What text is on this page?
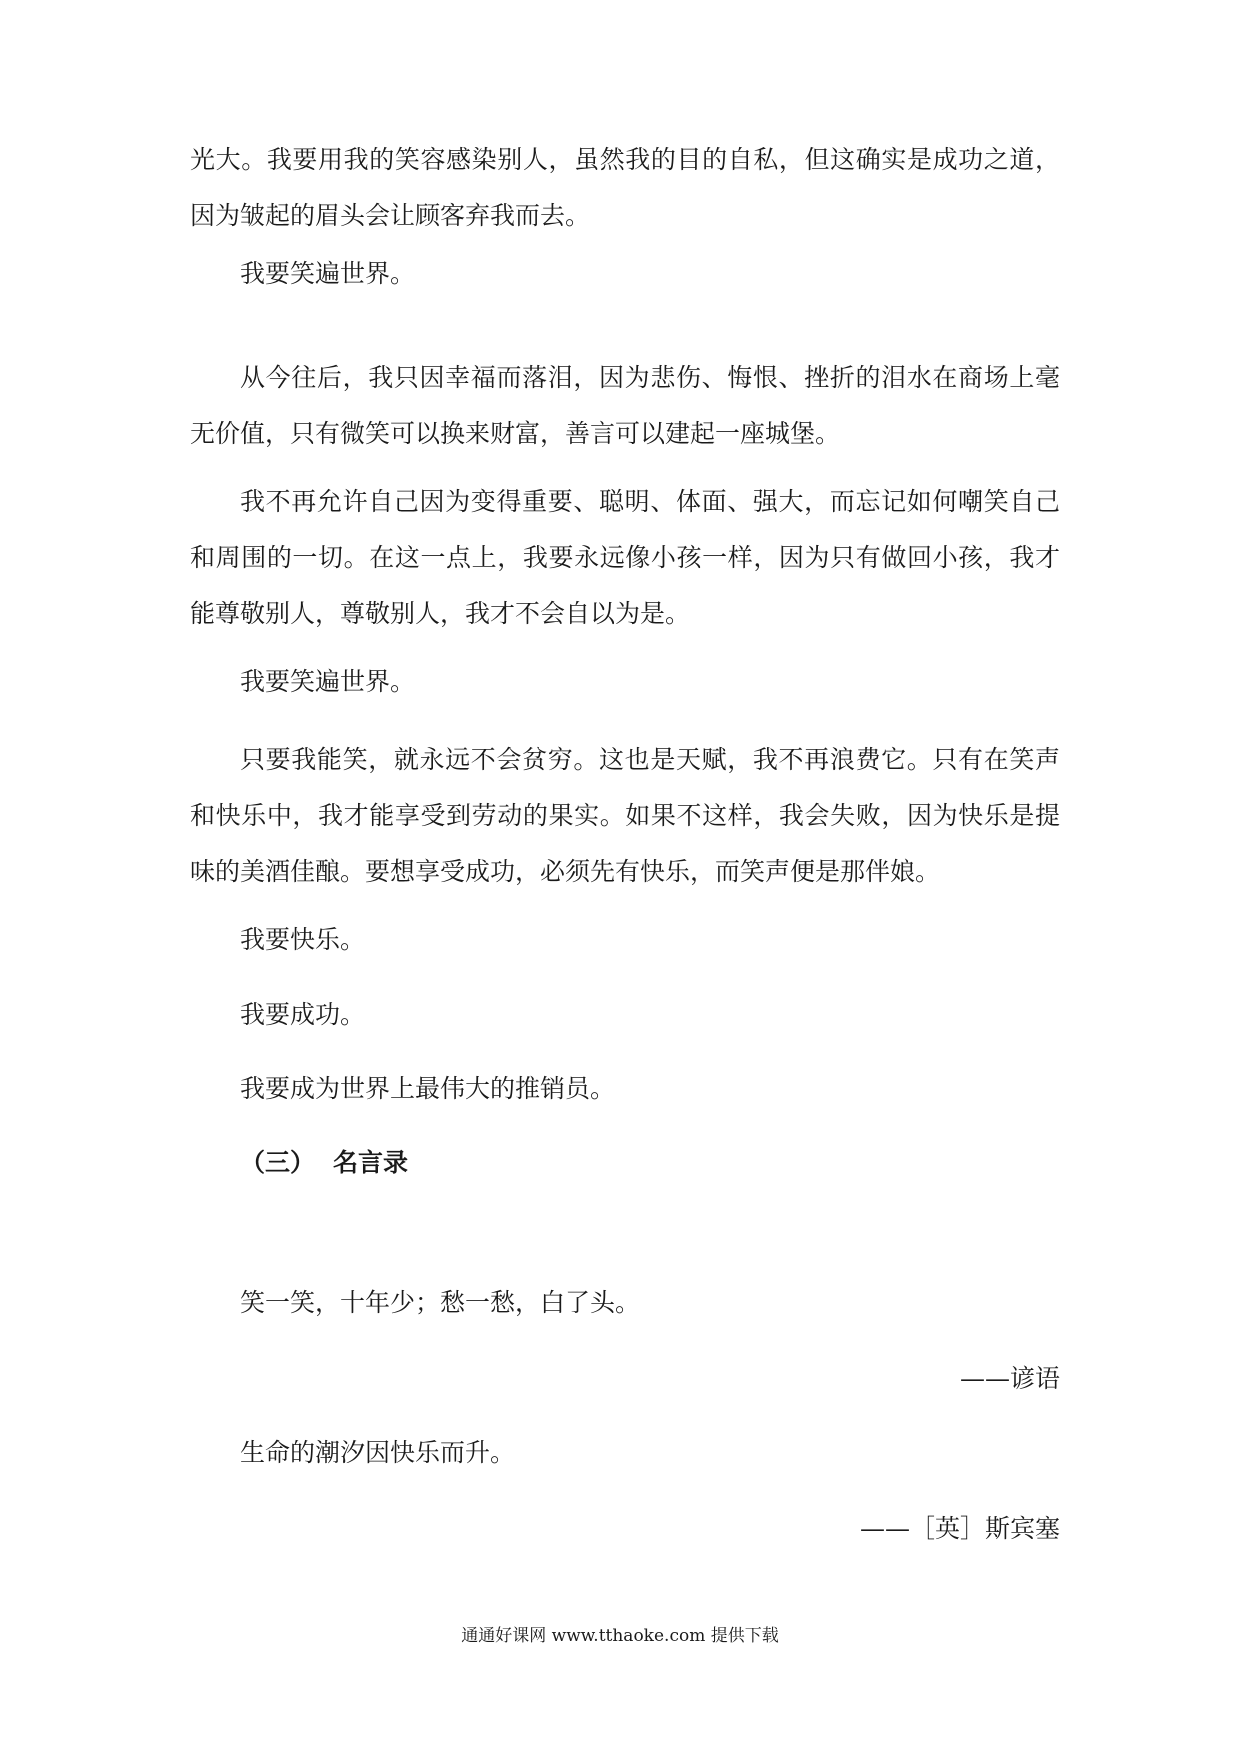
光大。我要用我的笑容感染别人，虽然我的目的自私，但这确实是成功之道，因为皱起的眉头会让顾客弃我而去。

我要笑遍世界。

从今往后，我只因幸福而落泪，因为悲伤、悔恨、挫折的泪水在商场上毫无价值，只有微笑可以换来财富，善言可以建起一座城堡。

我不再允许自己因为变得重要、聪明、体面、强大，而忘记如何嘲笑自己和周围的一切。在这一点上，我要永远像小孩一样，因为只有做回小孩，我才能尊敬别人，尊敬别人，我才不会自以为是。

我要笑遍世界。

只要我能笑，就永远不会贫穷。这也是天赋，我不再浪费它。只有在笑声和快乐中，我才能享受到劳动的果实。如果不这样，我会失败，因为快乐是提味的美酒佳酿。要想享受成功，必须先有快乐，而笑声便是那伴娘。

我要快乐。

我要成功。

我要成为世界上最伟大的推销员。

（三） 名言录

笑一笑，十年少；愁一愁，白了头。

——谚语

生命的潮汐因快乐而升。

——［英］斯宾塞

通通好课网 www.tthaoke.com 提供下载
